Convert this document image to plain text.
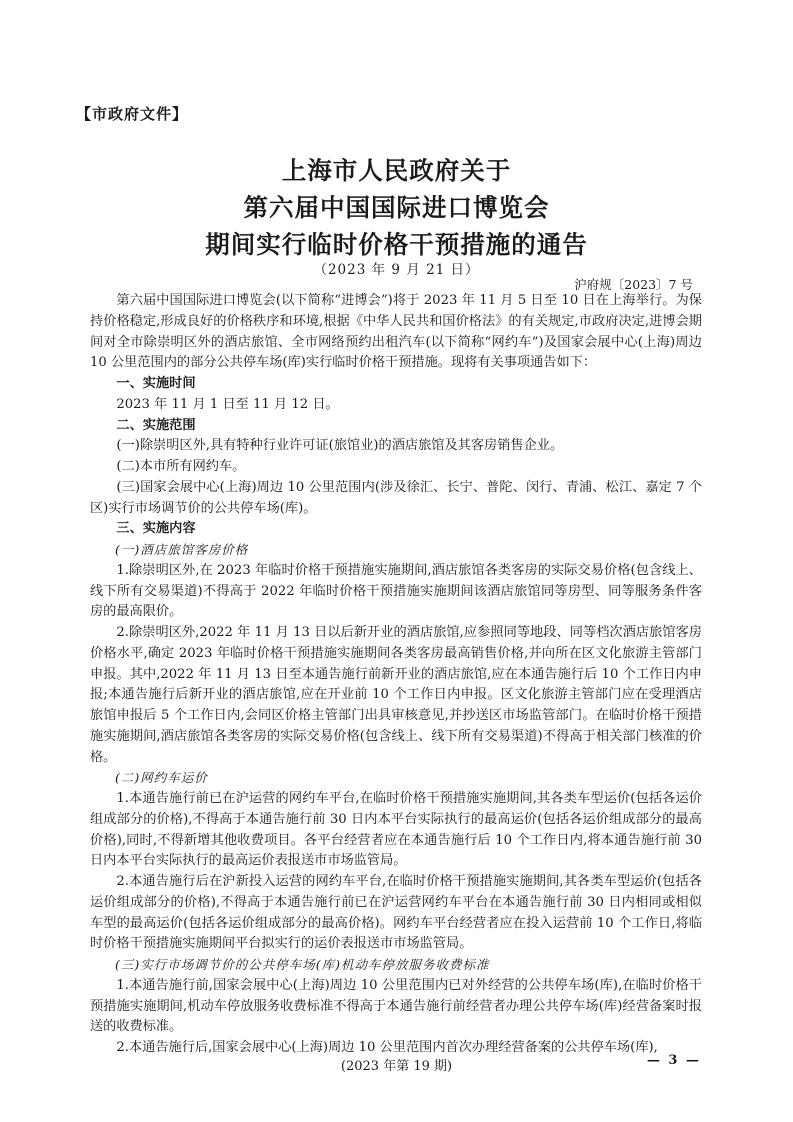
【市政府文件】
上海市人民政府关于
第六届中国国际进口博览会
期间实行临时价格干预措施的通告
（2023 年 9 月 21 日）
沪府规〔2023〕7 号

第六届中国国际进口博览会(以下简称“进博会”)将于 2023 年 11 月 5 日至 10 日在上海举行。为保持价格稳定,形成良好的价格秩序和环境,根据《中华人民共和国价格法》的有关规定,市政府决定,进博会期间对全市除崇明区外的酒店旅馆、全市网络预约出租汽车(以下简称“网约车”)及国家会展中心(上海)周边 10 公里范围内的部分公共停车场(库)实行临时价格干预措施。现将有关事项通告如下：

一、实施时间

2023 年 11 月 1 日至 11 月 12 日。

二、实施范围

(一)除崇明区外,具有特种行业许可证(旅馆业)的酒店旅馆及其客房销售企业。

(二)本市所有网约车。

(三)国家会展中心(上海)周边 10 公里范围内(涉及徐汇、长宁、普陀、闵行、青浦、松江、嘉定 7 个区)实行市场调节价的公共停车场(库)。

三、实施内容

(一)酒店旅馆客房价格

1.除崇明区外,在 2023 年临时价格干预措施实施期间,酒店旅馆各类客房的实际交易价格(包含线上、线下所有交易渠道)不得高于 2022 年临时价格干预措施实施期间该酒店旅馆同等房型、同等服务条件客房的最高限价。

2.除崇明区外,2022 年 11 月 13 日以后新开业的酒店旅馆,应参照同等地段、同等档次酒店旅馆客房价格水平,确定 2023 年临时价格干预措施实施期间各类客房最高销售价格,并向所在区文化旅游主管部门申报。其中,2022 年 11 月 13 日至本通告施行前新开业的酒店旅馆,应在本通告施行后 10 个工作日内申报;本通告施行后新开业的酒店旅馆,应在开业前 10 个工作日内申报。区文化旅游主管部门应在受理酒店旅馆申报后 5 个工作日内,会同区价格主管部门出具审核意见,并抄送区市场监管部门。在临时价格干预措施实施期间,酒店旅馆各类客房的实际交易价格(包含线上、线下所有交易渠道)不得高于相关部门核准的价格。

(二)网约车运价

1.本通告施行前已在沪运营的网约车平台,在临时价格干预措施实施期间,其各类车型运价(包括各运价组成部分的价格),不得高于本通告施行前 30 日内本平台实际执行的最高运价(包括各运价组成部分的最高价格),同时,不得新增其他收费项目。各平台经营者应在本通告施行后 10 个工作日内,将本通告施行前 30 日内本平台实际执行的最高运价表报送市市场监管局。

2.本通告施行后在沪新投入运营的网约车平台,在临时价格干预措施实施期间,其各类车型运价(包括各运价组成部分的价格),不得高于本通告施行前已在沪运营网约车平台在本通告施行前 30 日内相同或相似车型的最高运价(包括各运价组成部分的最高价格)。网约车平台经营者应在投入运营前 10 个工作日,将临时价格干预措施实施期间平台拟实行的运价表报送市市场监管局。

(三)实行市场调节价的公共停车场(库)机动车停放服务收费标准

1.本通告施行前,国家会展中心(上海)周边 10 公里范围内已对外经营的公共停车场(库),在临时价格干预措施实施期间,机动车停放服务收费标准不得高于本通告施行前经营者办理公共停车场(库)经营备案时报送的收费标准。

2.本通告施行后,国家会展中心(上海)周边 10 公里范围内首次办理经营备案的公共停车场(库),

(2023 年第 19 期)	— 3 —
